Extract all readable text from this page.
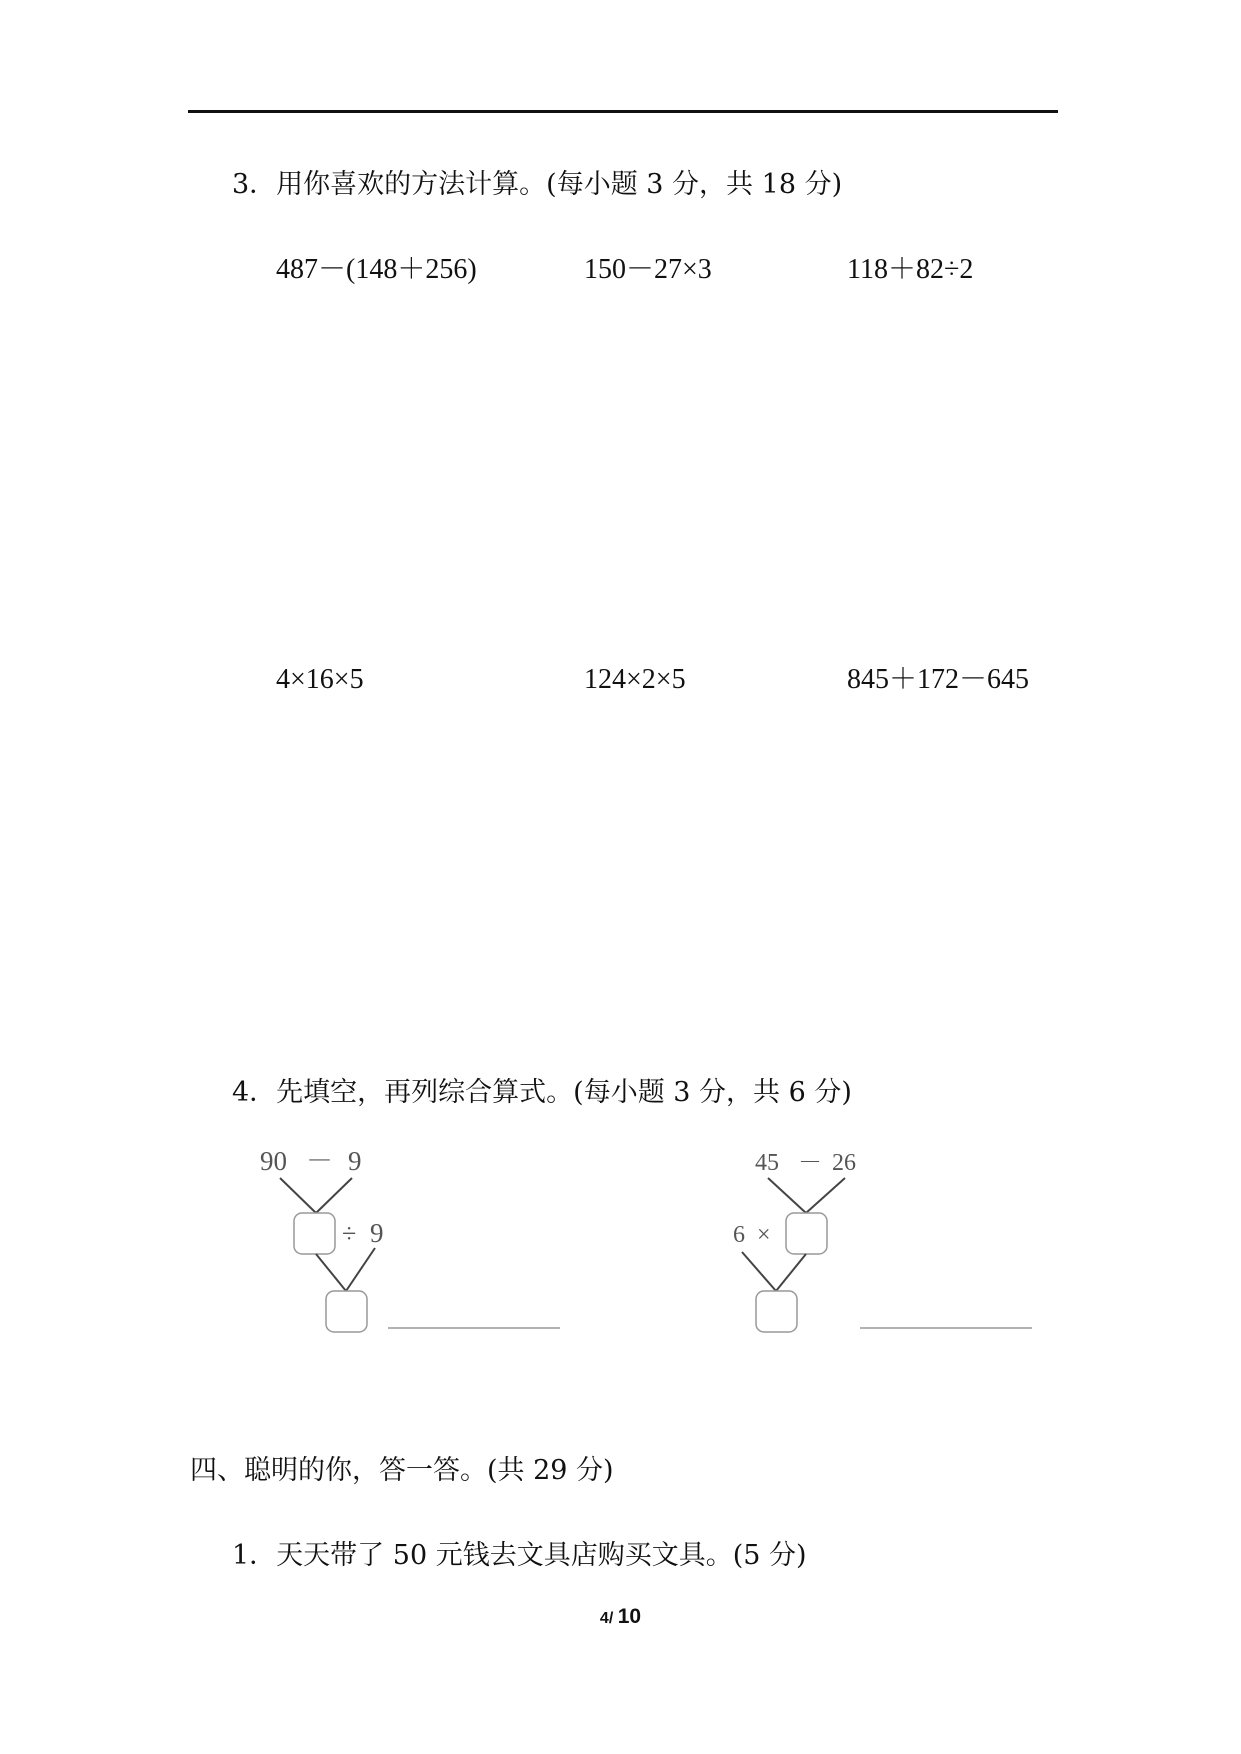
3．用你喜欢的方法计算。(每小题 3 分，共 18 分)
487－(148＋256)	150－27×3	118＋82÷2
4×16×5	124×2×5	845＋172－645
4．先填空，再列综合算式。(每小题 3 分，共 6 分)
90 － 9
÷ 9
45 － 26
6 ×
四、聪明的你，答一答。(共 29 分)
1．天天带了 50 元钱去文具店购买文具。(5 分)
4/ 10
